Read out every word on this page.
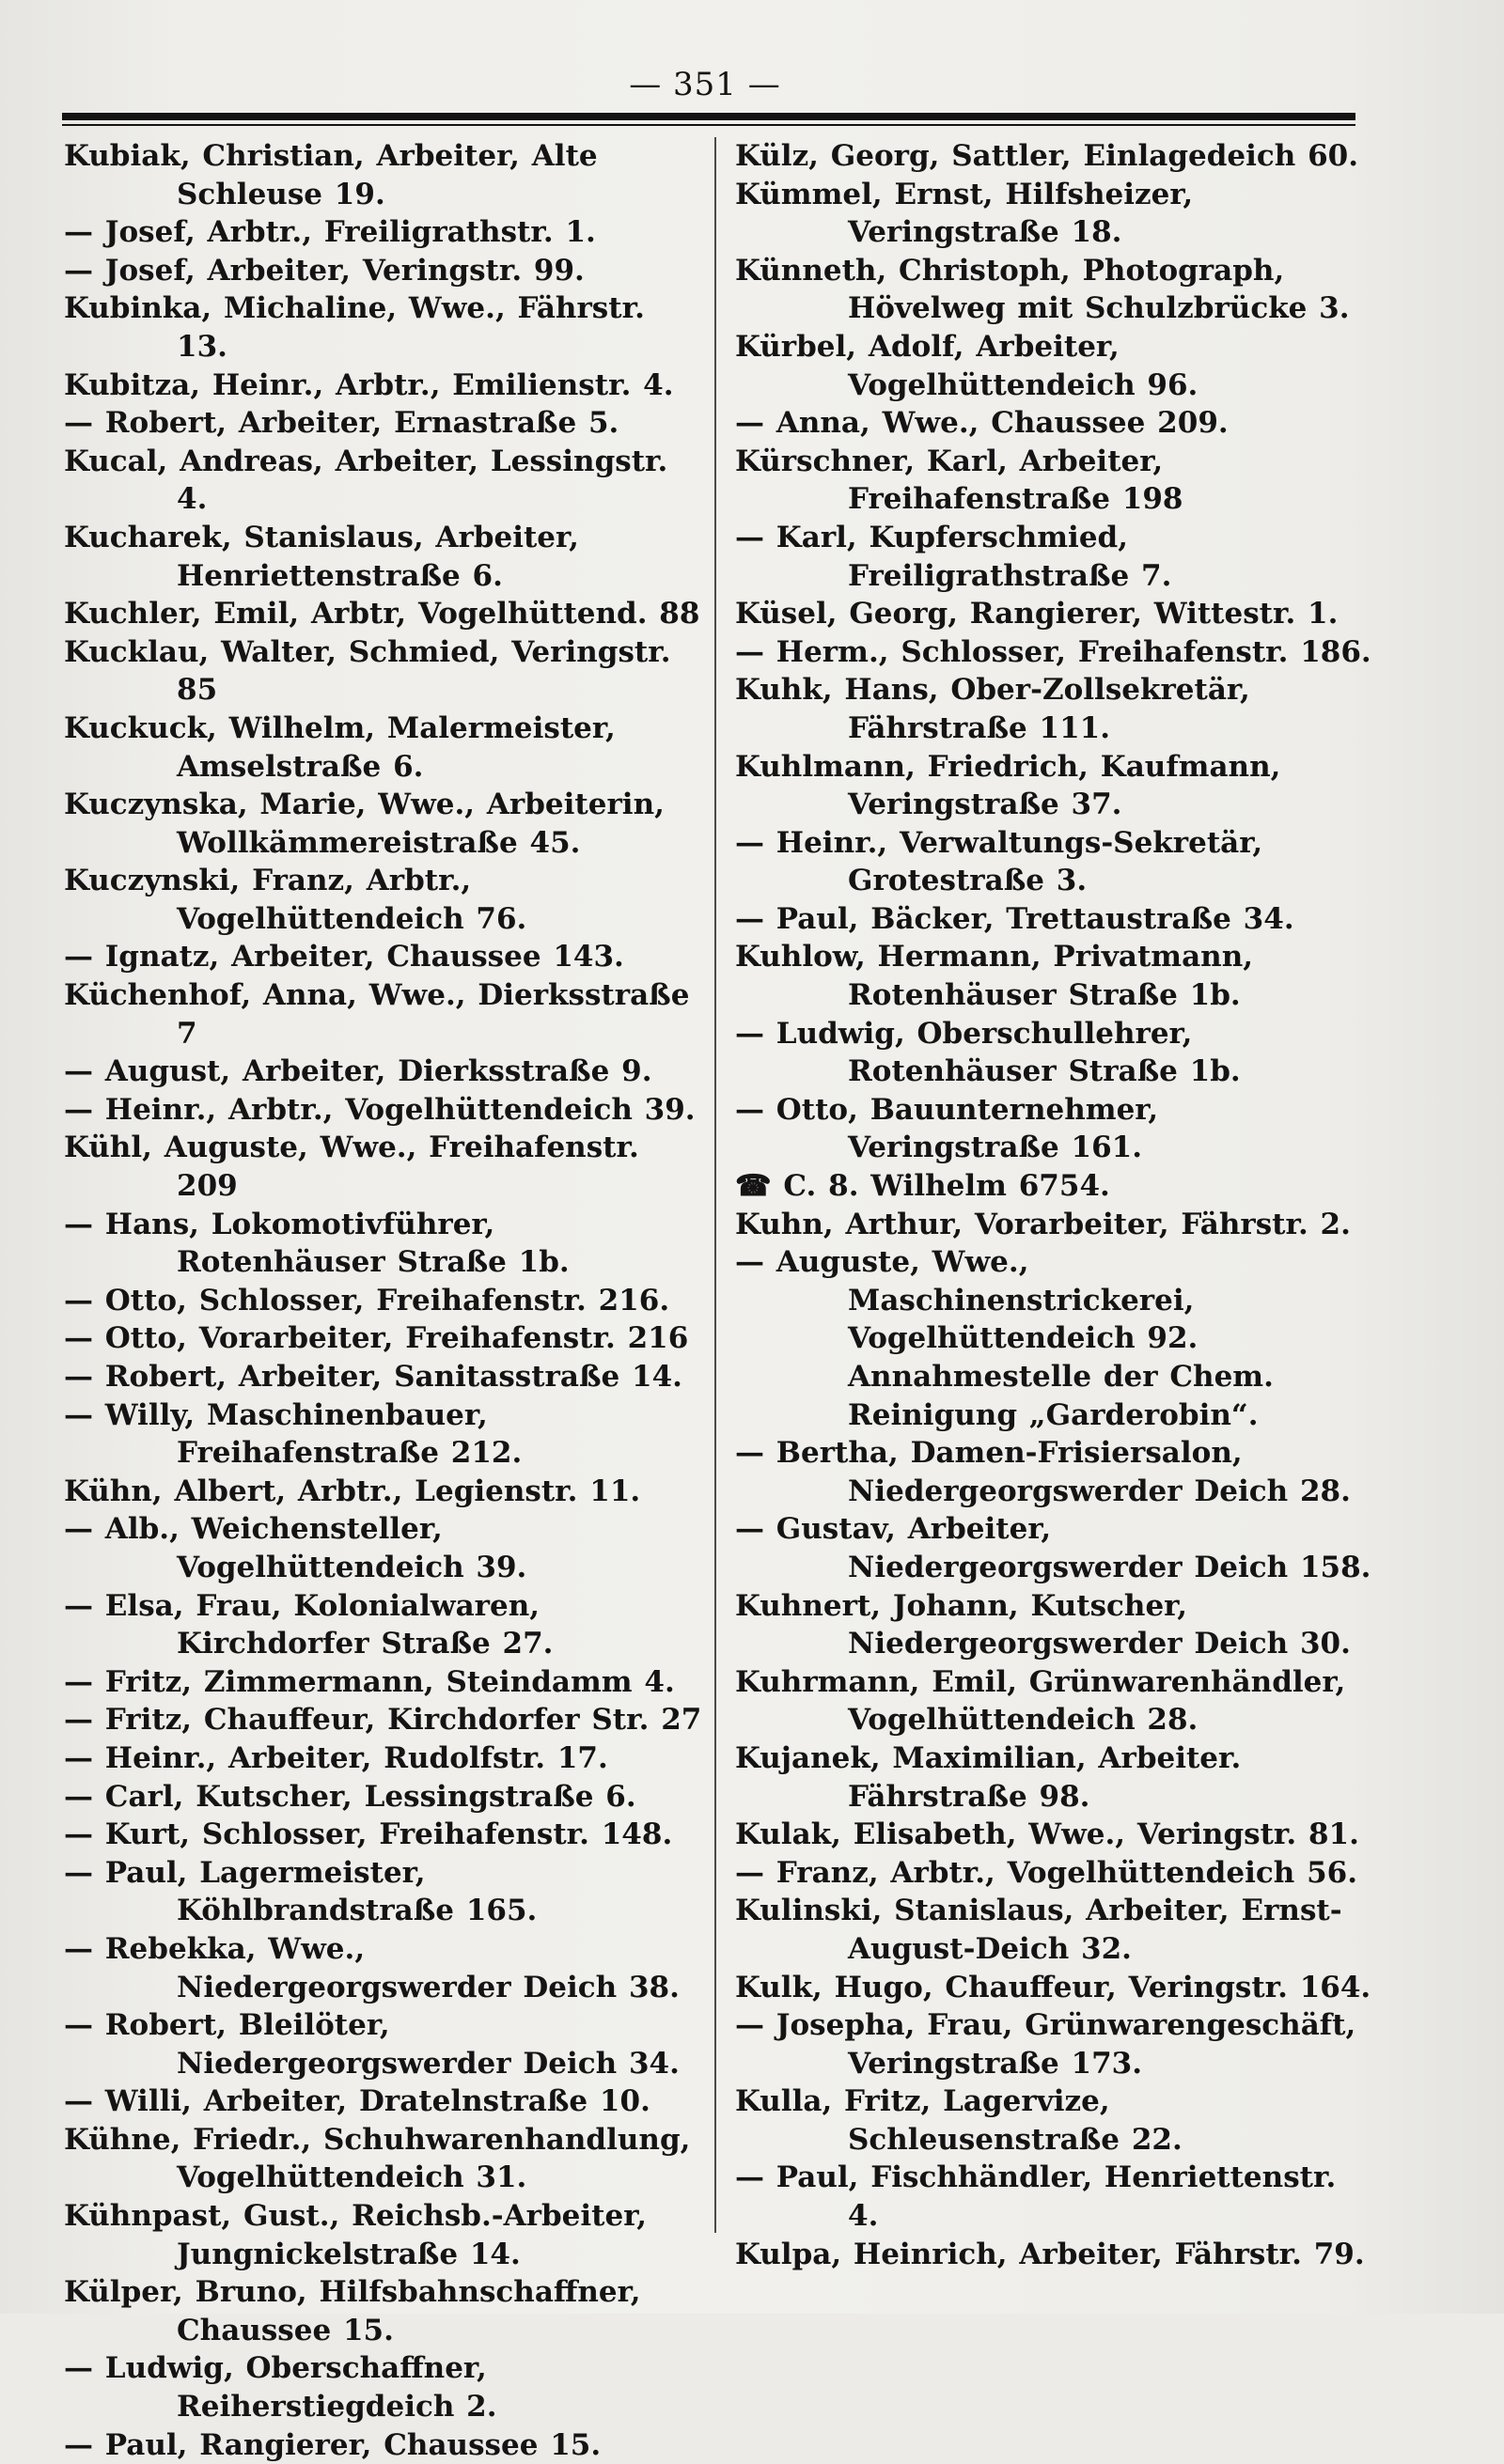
— 351 —
Kubiak, Christian, Arbeiter, Alte Schleuse 19.
— Josef, Arbtr., Freiligrathstr. 1.
— Josef, Arbeiter, Veringstr. 99.
Kubinka, Michaline, Wwe., Fährstr. 13.
Kubitza, Heinr., Arbtr., Emilienstr. 4.
— Robert, Arbeiter, Ernastraße 5.
Kucal, Andreas, Arbeiter, Lessingstr. 4.
Kucharek, Stanislaus, Arbeiter, Henriettenstraße 6.
Kuchler, Emil, Arbtr, Vogelhüttend. 88
Kucklau, Walter, Schmied, Veringstr. 85
Kuckuck, Wilhelm, Malermeister, Amselstraße 6.
Kuczynska, Marie, Wwe., Arbeiterin, Wollkämmereistraße 45.
Kuczynski, Franz, Arbtr., Vogelhüttendeich 76.
— Ignatz, Arbeiter, Chaussee 143.
Küchenhof, Anna, Wwe., Dierksstraße 7
— August, Arbeiter, Dierksstraße 9.
— Heinr., Arbtr., Vogelhüttendeich 39.
Kühl, Auguste, Wwe., Freihafenstr. 209
— Hans, Lokomotivführer, Rotenhäuser Straße 1b.
— Otto, Schlosser, Freihafenstr. 216.
— Otto, Vorarbeiter, Freihafenstr. 216
— Robert, Arbeiter, Sanitasstraße 14.
— Willy, Maschinenbauer, Freihafenstraße 212.
Kühn, Albert, Arbtr., Legienstr. 11.
— Alb., Weichensteller, Vogelhüttendeich 39.
— Elsa, Frau, Kolonialwaren, Kirchdorfer Straße 27.
— Fritz, Zimmermann, Steindamm 4.
— Fritz, Chauffeur, Kirchdorfer Str. 27
— Heinr., Arbeiter, Rudolfstr. 17.
— Carl, Kutscher, Lessingstraße 6.
— Kurt, Schlosser, Freihafenstr. 148.
— Paul, Lagermeister, Köhlbrandstraße 165.
— Rebekka, Wwe., Niedergeorgswerder Deich 38.
— Robert, Bleilöter, Niedergeorgswerder Deich 34.
— Willi, Arbeiter, Dratelnstraße 10.
Kühne, Friedr., Schuhwarenhandlung, Vogelhüttendeich 31.
Kühnpast, Gust., Reichsb.-Arbeiter, Jungnickelstraße 14.
Külper, Bruno, Hilfsbahnschaffner, Chaussee 15.
— Ludwig, Oberschaffner, Reiherstiegdeich 2.
— Paul, Rangierer, Chaussee 15.
Külz, Georg, Sattler, Einlagedeich 60.
Kümmel, Ernst, Hilfsheizer, Veringstraße 18.
Künneth, Christoph, Photograph, Hövelweg mit Schulzbrücke 3.
Kürbel, Adolf, Arbeiter, Vogelhüttendeich 96.
— Anna, Wwe., Chaussee 209.
Kürschner, Karl, Arbeiter, Freihafenstraße 198
— Karl, Kupferschmied, Freiligrathstraße 7.
Küsel, Georg, Rangierer, Wittestr. 1.
— Herm., Schlosser, Freihafenstr. 186.
Kuhk, Hans, Ober-Zollsekretär, Fährstraße 111.
Kuhlmann, Friedrich, Kaufmann, Veringstraße 37.
— Heinr., Verwaltungs-Sekretär, Grotestraße 3.
— Paul, Bäcker, Trettaustraße 34.
Kuhlow, Hermann, Privatmann, Rotenhäuser Straße 1b.
— Ludwig, Oberschullehrer, Rotenhäuser Straße 1b.
— Otto, Bauunternehmer, Veringstraße 161.
☎ C. 8. Wilhelm 6754.
Kuhn, Arthur, Vorarbeiter, Fährstr. 2.
— Auguste, Wwe., Maschinenstrickerei, Vogelhüttendeich 92. Annahmestelle der Chem. Reinigung „Garderobin“.
— Bertha, Damen-Frisiersalon, Niedergeorgswerder Deich 28.
— Gustav, Arbeiter, Niedergeorgswerder Deich 158.
Kuhnert, Johann, Kutscher, Niedergeorgswerder Deich 30.
Kuhrmann, Emil, Grünwarenhändler, Vogelhüttendeich 28.
Kujanek, Maximilian, Arbeiter. Fährstraße 98.
Kulak, Elisabeth, Wwe., Veringstr. 81.
— Franz, Arbtr., Vogelhüttendeich 56.
Kulinski, Stanislaus, Arbeiter, Ernst-August-Deich 32.
Kulk, Hugo, Chauffeur, Veringstr. 164.
— Josepha, Frau, Grünwarengeschäft, Veringstraße 173.
Kulla, Fritz, Lagervize, Schleusenstraße 22.
— Paul, Fischhändler, Henriettenstr. 4.
Kulpa, Heinrich, Arbeiter, Fährstr. 79.
